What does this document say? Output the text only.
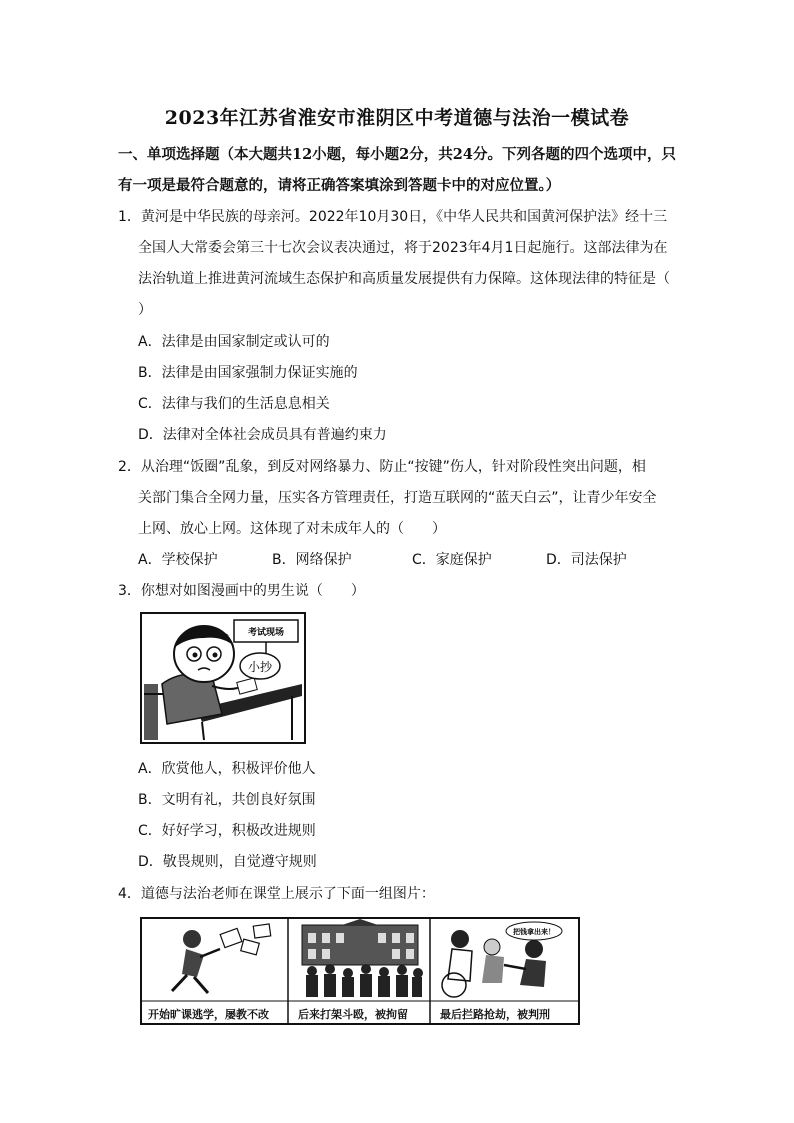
2023年江苏省淮安市淮阴区中考道德与法治一模试卷
一、单项选择题（本大题共12小题，每小题2分，共24分。下列各题的四个选项中，只
有一项是最符合题意的，请将正确答案填涂到答题卡中的对应位置。）
1．黄河是中华民族的母亲河。2022年10月30日，《中华人民共和国黄河保护法》经十三
全国人大常委会第三十七次会议表决通过，将于2023年4月1日起施行。这部法律为在
法治轨道上推进黄河流域生态保护和高质量发展提供有力保障。这体现法律的特征是（
）
A．法律是由国家制定或认可的
B．法律是由国家强制力保证实施的
C．法律与我们的生活息息相关
D．法律对全体社会成员具有普遍约束力
2．从治理“饭圈”乱象，到反对网络暴力、防止“按键”伤人，针对阶段性突出问题，相
关部门集合全网力量，压实各方管理责任，打造互联网的“蓝天白云”，让青少年安全
上网、放心上网。这体现了对未成年人的（　　）
A．学校保护	B．网络保护	C．家庭保护	D．司法保护
3．你想对如图漫画中的男生说（　　）
考试现场
小抄
A．欣赏他人，积极评价他人
B．文明有礼，共创良好氛围
C．好好学习，积极改进规则
D．敬畏规则，自觉遵守规则
4．道德与法治老师在课堂上展示了下面一组图片：
把钱拿出来！
开始旷课逃学，屡教不改	后来打架斗殴，被拘留	最后拦路抢劫，被判刑
